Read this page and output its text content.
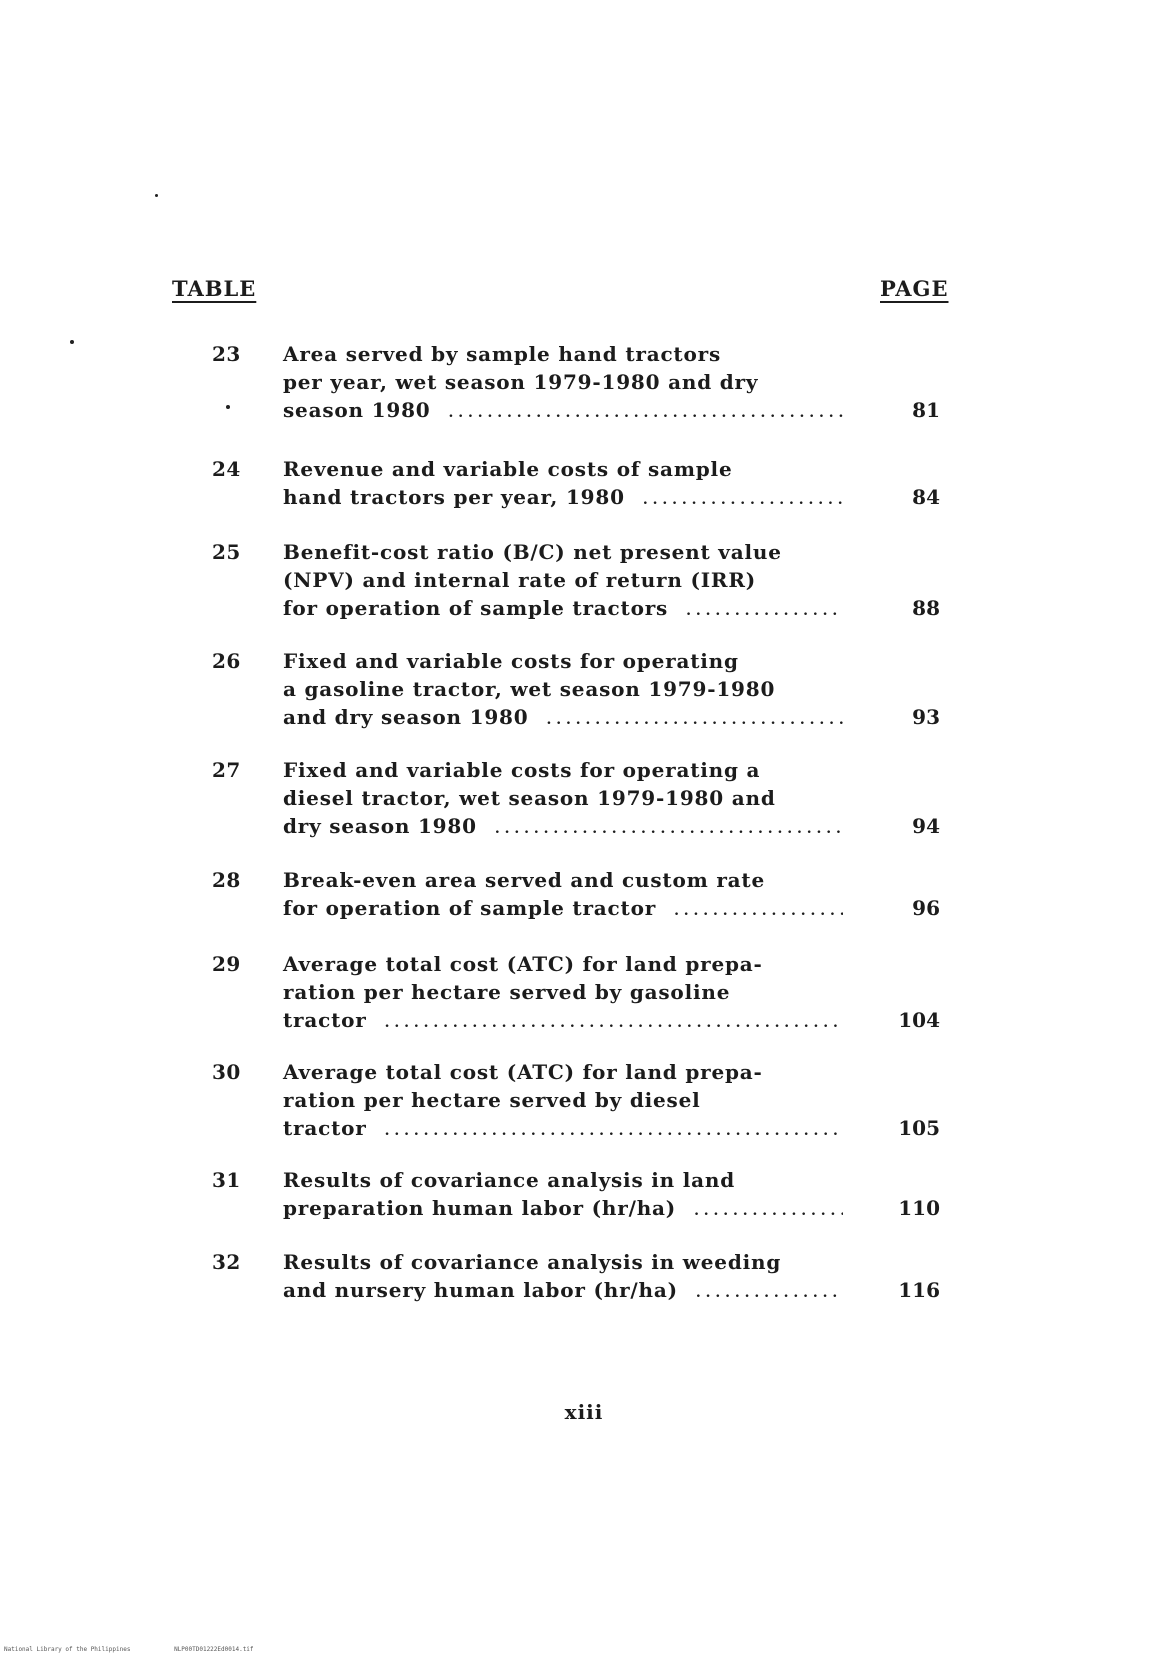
TABLE	PAGE
23 Area served by sample hand tractors
per year, wet season 1979-1980 and dry
season 1980 . . .	81
24 Revenue and variable costs of sample
hand tractors per year, 1980 . . .	84
25 Benefit-cost ratio (B/C) net present value
(NPV) and internal rate of return (IRR)
for operation of sample tractors . . .	88
26 Fixed and variable costs for operating
a gasoline tractor, wet season 1979-1980
and dry season 1980 . . .	93
27 Fixed and variable costs for operating a
diesel tractor, wet season 1979-1980 and
dry season 1980 . . .	94
28 Break-even area served and custom rate
for operation of sample tractor . . .	96
29 Average total cost (ATC) for land prepa-
ration per hectare served by gasoline
tractor . . .	104
30 Average total cost (ATC) for land prepa-
ration per hectare served by diesel
tractor . . .	105
31 Results of covariance analysis in land
preparation human labor (hr/ha) . . .	110
32 Results of covariance analysis in weeding
and nursery human labor (hr/ha) . . .	116
xiii
National Library of the Philippines	NLP00TD01222Ed0014.tif
